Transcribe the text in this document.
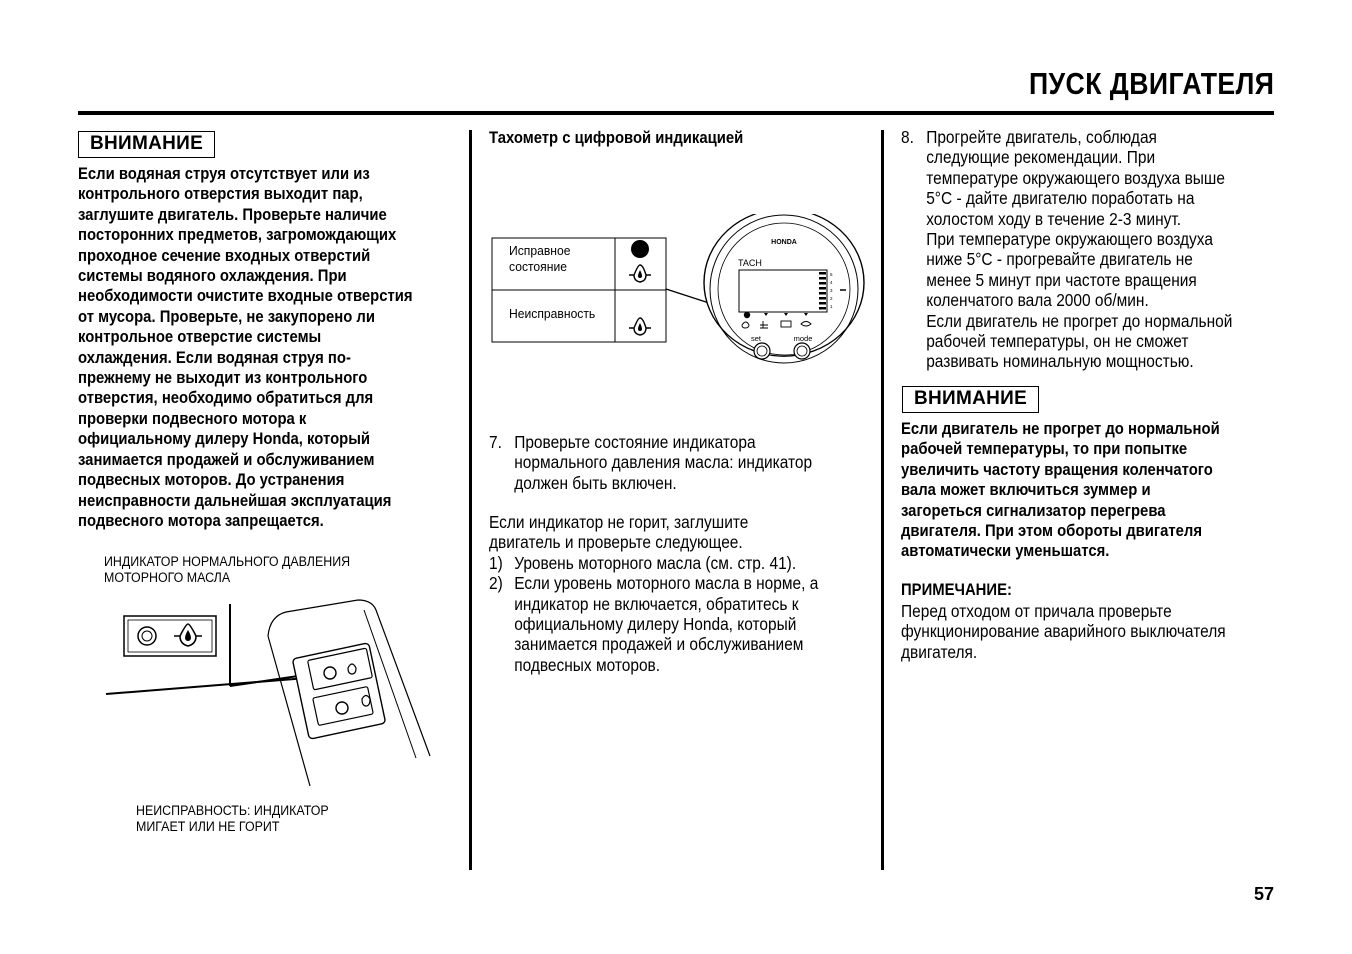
ПУСК ДВИГАТЕЛЯ
ВНИМАНИЕ
Если водяная струя отсутствует или из
контрольного отверстия выходит пар,
заглушите двигатель. Проверьте наличие
посторонних предметов, загромождающих
проходное сечение входных отверстий
системы водяного охлаждения. При
необходимости очистите входные отверстия
от мусора. Проверьте, не закупорено ли
контрольное отверстие системы
охлаждения. Если водяная струя по-
прежнему не выходит из контрольного
отверстия, необходимо обратиться для
проверки подвесного мотора к
официальному дилеру Honda, который
занимается продажей и обслуживанием
подвесных моторов. До устранения
неисправности дальнейшая эксплуатация
подвесного мотора запрещается.
ИНДИКАТОР НОРМАЛЬНОГО ДАВЛЕНИЯ
МОТОРНОГО МАСЛА
НЕИСПРАВНОСТЬ: ИНДИКАТОР
МИГАЕТ ИЛИ НЕ ГОРИТ
Тахометр с цифровой индикацией
Исправное
состояние
Неисправность
HONDA
TACH
5
4
3
2
1
set	mode
7. Проверьте состояние индикатора
нормального давления масла: индикатор
должен быть включен.
Если индикатор не горит, заглушите
двигатель и проверьте следующее.
1) Уровень моторного масла (см. стр. 41).
2) Если уровень моторного масла в норме, а
индикатор не включается, обратитесь к
официальному дилеру Honda, который
занимается продажей и обслуживанием
подвесных моторов.
8. Прогрейте двигатель, соблюдая
следующие рекомендации. При
температуре окружающего воздуха выше
5°C - дайте двигателю поработать на
холостом ходу в течение 2-3 минут.
При температуре окружающего воздуха
ниже 5°C - прогревайте двигатель не
менее 5 минут при частоте вращения
коленчатого вала 2000 об/мин.
Если двигатель не прогрет до нормальной
рабочей температуры, он не сможет
развивать номинальную мощностью.
ВНИМАНИЕ
Если двигатель не прогрет до нормальной
рабочей температуры, то при попытке
увеличить частоту вращения коленчатого
вала может включиться зуммер и
загореться сигнализатор перегрева
двигателя. При этом обороты двигателя
автоматически уменьшатся.
ПРИМЕЧАНИЕ:
Перед отходом от причала проверьте
функционирование аварийного выключателя
двигателя.
57
